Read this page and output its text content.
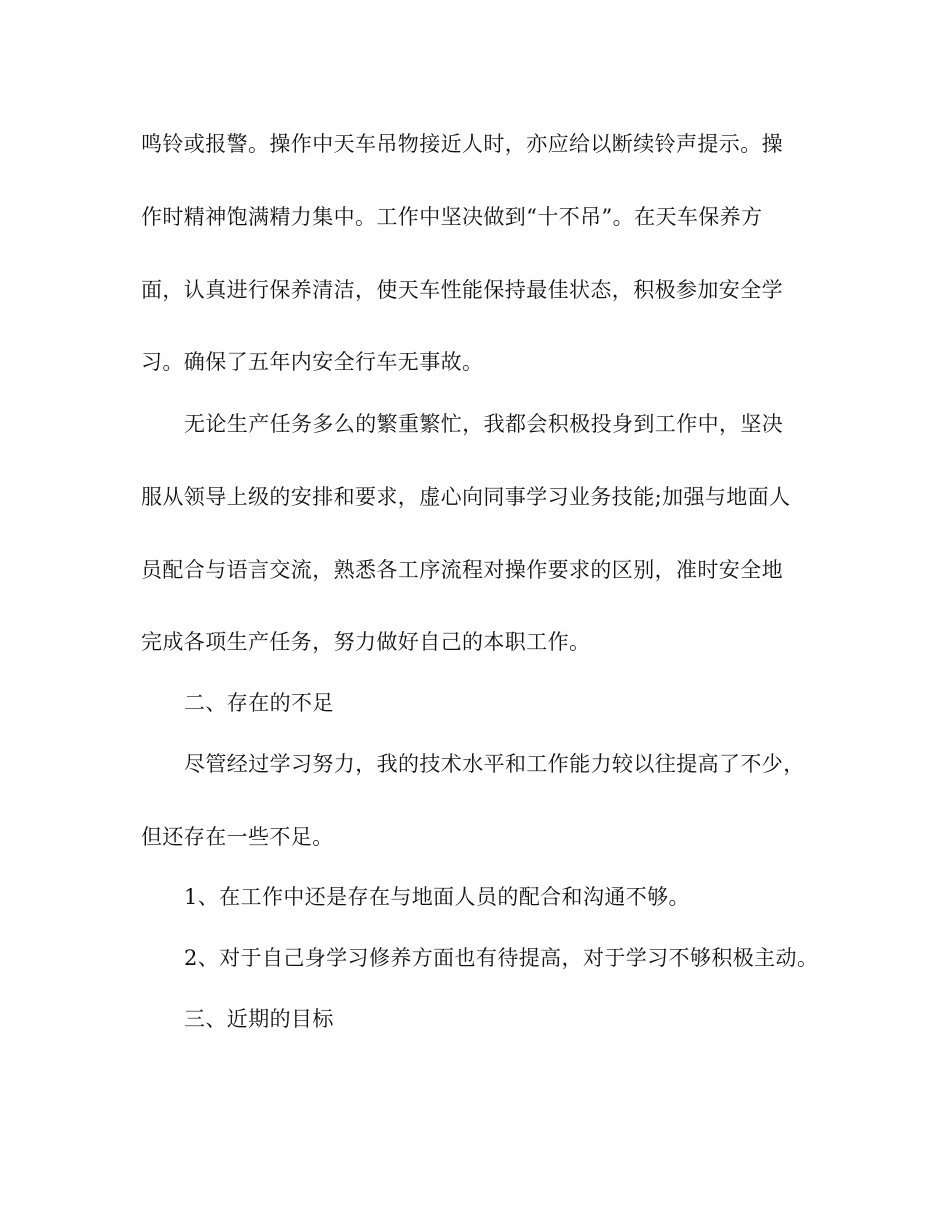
鸣铃或报警。操作中天车吊物接近人时，亦应给以断续铃声提示。操
作时精神饱满精力集中。工作中坚决做到“十不吊”。在天车保养方
面，认真进行保养清洁，使天车性能保持最佳状态，积极参加安全学
习。确保了五年内安全行车无事故。
无论生产任务多么的繁重繁忙，我都会积极投身到工作中，坚决
服从领导上级的安排和要求，虚心向同事学习业务技能;加强与地面人
员配合与语言交流，熟悉各工序流程对操作要求的区别，准时安全地
完成各项生产任务，努力做好自己的本职工作。
二、存在的不足
尽管经过学习努力，我的技术水平和工作能力较以往提高了不少，
但还存在一些不足。
1、在工作中还是存在与地面人员的配合和沟通不够。
2、对于自己身学习修养方面也有待提高，对于学习不够积极主动。
三、近期的目标
